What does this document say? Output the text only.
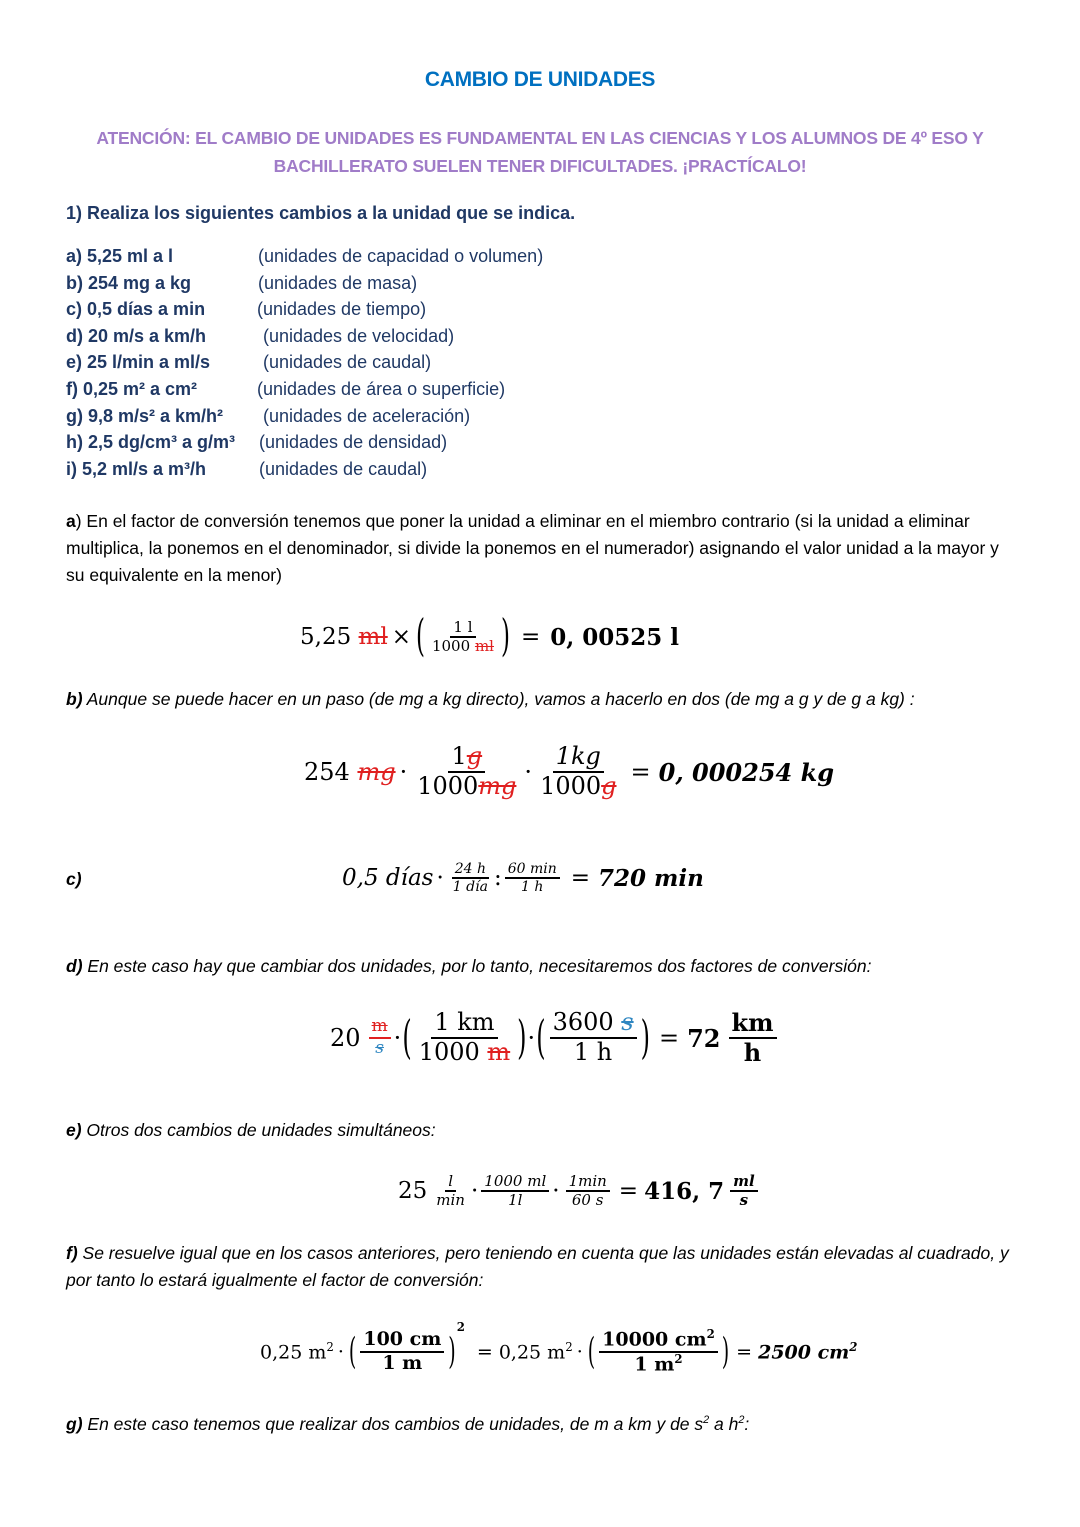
CAMBIO DE UNIDADES
ATENCIÓN: EL CAMBIO DE UNIDADES ES FUNDAMENTAL EN LAS CIENCIAS Y LOS ALUMNOS DE 4º ESO Y BACHILLERATO SUELEN TENER DIFICULTADES. ¡PRACTÍCALO!
1) Realiza los siguientes cambios a la unidad que se indica.
a) 5,25 ml a l	(unidades de capacidad o volumen)
b) 254 mg a kg	(unidades de masa)
c) 0,5 días a min	(unidades de tiempo)
d) 20 m/s a km/h	(unidades de velocidad)
e) 25 l/min a ml/s	(unidades de caudal)
f) 0,25 m² a cm²	(unidades de área o superficie)
g) 9,8 m/s² a km/h² (unidades de aceleración)
h) 2,5 dg/cm³ a g/m³ (unidades de densidad)
i) 5,2 ml/s a m³/h	(unidades de caudal)
a) En el factor de conversión tenemos que poner la unidad a eliminar en el miembro contrario (si la unidad a eliminar multiplica, la ponemos en el denominador, si divide la ponemos en el numerador) asignando el valor unidad a la mayor y su equivalente en la menor)
5,25
ml × ( $\frac{1 l}{1000 ml}$ ) = 0, 00525 l
b) Aunque se puede hacer en un paso (de mg a kg directo), vamos a hacerlo en dos (de mg a g y de g a kg) :
254
mg · $\frac{1g}{1000mg} \cdot \frac{1kg}{1000g} = 0$, 000254 kg
c)	0,5 días · $\frac{24 h}{\text{1 día}}$ : $\frac{60 \min}{1 h} = 720$ min
d) En este caso hay que cambiar dos unidades, por lo tanto, necesitaremos dos factores de conversión:
$20 \frac{m}{s}$ · ( $\frac{1 km}{1000 m}$ ) · ( $\frac{3600 s}{1 h}$ ) = $72 \frac{km}{h}$
e) Otros dos cambios de unidades simultáneos:
$25 \frac{l}{\min} \cdot \frac{1000 ml}{1l} \cdot \frac{1\min}{60 s} = 416$, $7 \frac{ml}{s}$
f) Se resuelve igual que en los casos anteriores, pero teniendo en cuenta que las unidades están elevadas al cuadrado, y por tanto lo estará igualmente el factor de conversión:
0,25 $m^2$ · ( $\frac{100 cm}{1 m}$ )
$^2$
= 0,25 $m^2$ · ( $\frac{10000 cm^2}{1 m^2}$ ) = 2500 $cm^2$
g) En este caso tenemos que realizar dos cambios de unidades, de m a km y de $s^2$ a $h^2$:
